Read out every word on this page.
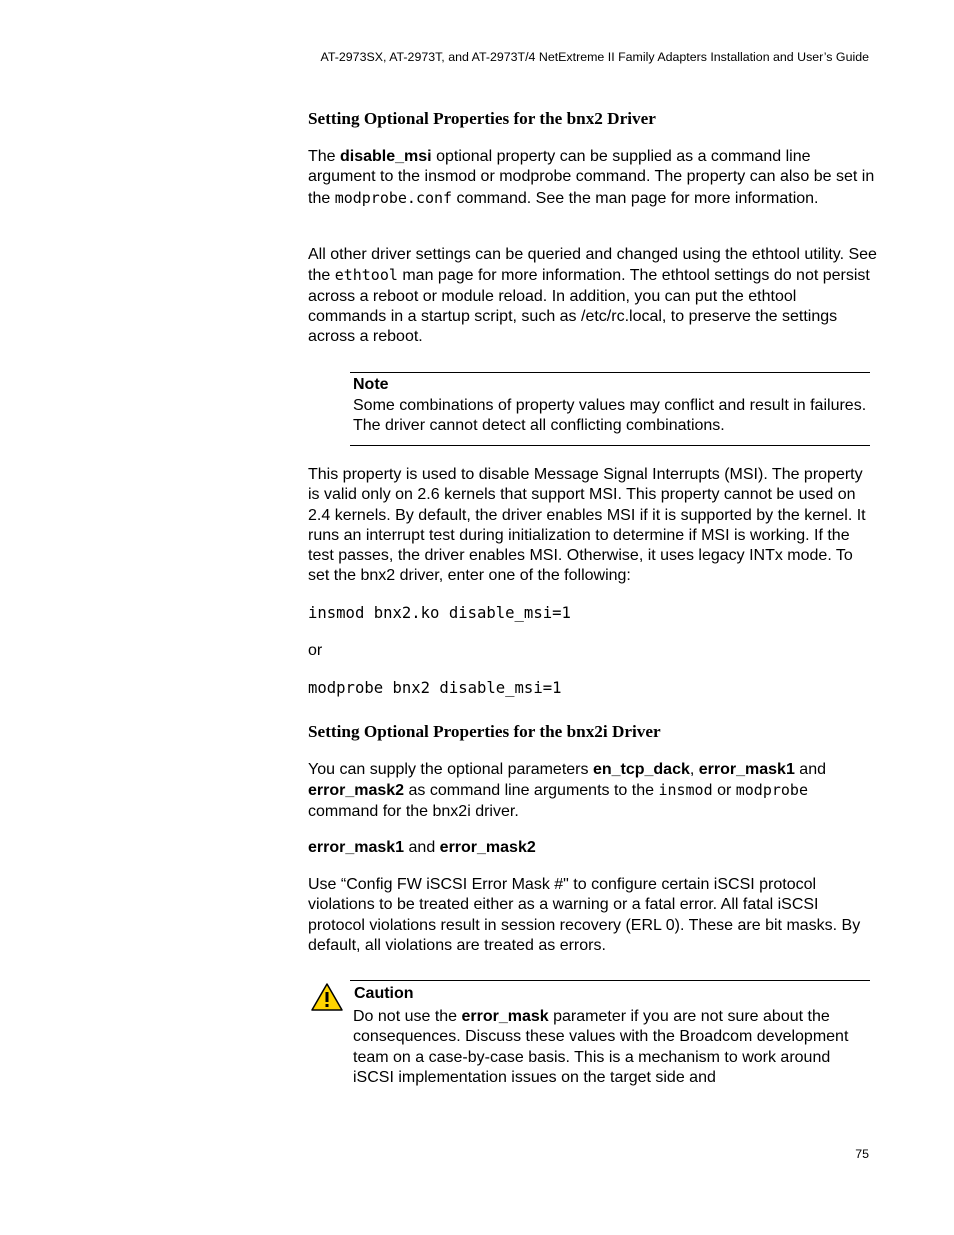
AT-2973SX, AT-2973T, and AT-2973T/4 NetExtreme II Family Adapters Installation and User’s Guide
Setting Optional Properties for the bnx2 Driver
The disable_msi optional property can be supplied as a command line argument to the insmod or modprobe command. The property can also be set in the modprobe.conf command. See the man page for more information.
All other driver settings can be queried and changed using the ethtool utility. See the ethtool man page for more information. The ethtool settings do not persist across a reboot or module reload. In addition, you can put the ethtool commands in a startup script, such as /etc/rc.local, to preserve the settings across a reboot.
Note
Some combinations of property values may conflict and result in failures. The driver cannot detect all conflicting combinations.
This property is used to disable Message Signal Interrupts (MSI). The property is valid only on 2.6 kernels that support MSI. This property cannot be used on 2.4 kernels. By default, the driver enables MSI if it is supported by the kernel. It runs an interrupt test during initialization to determine if MSI is working. If the test passes, the driver enables MSI. Otherwise, it uses legacy INTx mode. To set the bnx2 driver, enter one of the following:
insmod bnx2.ko disable_msi=1
or
modprobe bnx2 disable_msi=1
Setting Optional Properties for the bnx2i Driver
You can supply the optional parameters en_tcp_dack, error_mask1 and error_mask2 as command line arguments to the insmod or modprobe command for the bnx2i driver.
error_mask1 and error_mask2
Use “Config FW iSCSI Error Mask #" to configure certain iSCSI protocol violations to be treated either as a warning or a fatal error. All fatal iSCSI protocol violations result in session recovery (ERL 0). These are bit masks. By default, all violations are treated as errors.
Caution
Do not use the error_mask parameter if you are not sure about the consequences. Discuss these values with the Broadcom development team on a case-by-case basis. This is a mechanism to work around iSCSI implementation issues on the target side and
75
